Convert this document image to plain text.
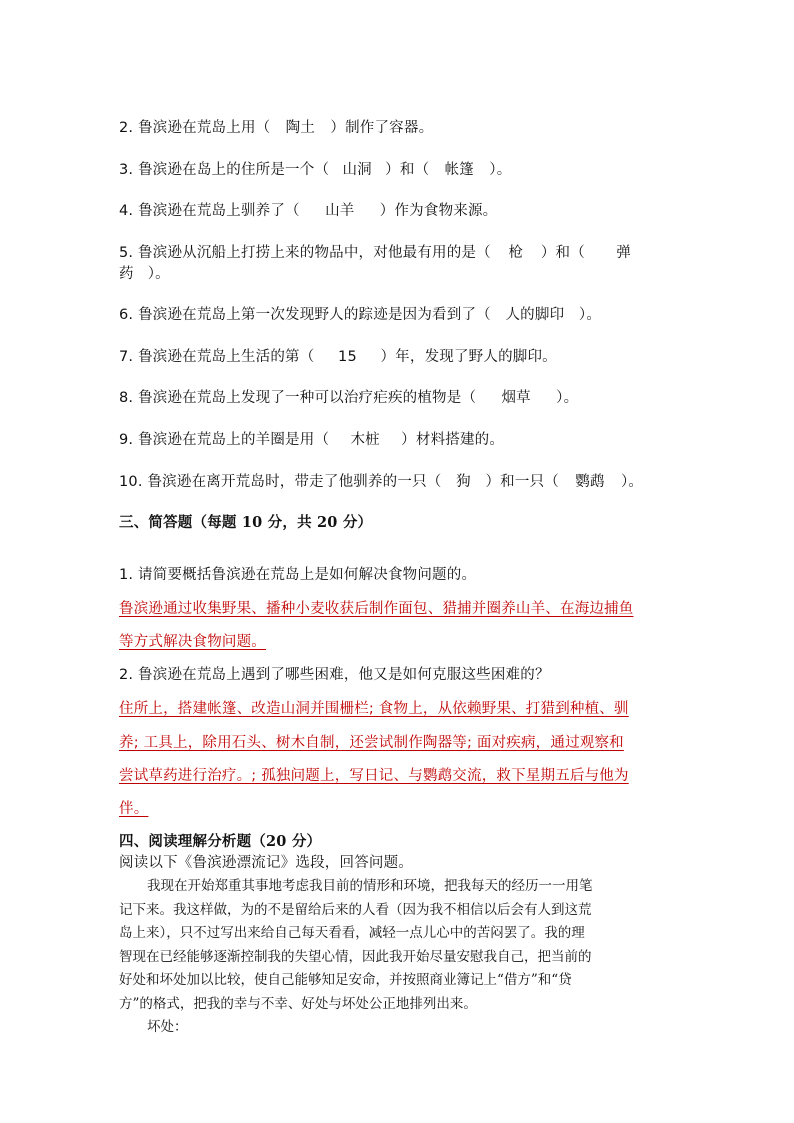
2. 鲁滨逊在荒岛上用（ 陶土 ）制作了容器。
3. 鲁滨逊在岛上的住所是一个（ 山洞 ）和（ 帐篷 ）。
4. 鲁滨逊在荒岛上驯养了（ 山羊 ）作为食物来源。
5. 鲁滨逊从沉船上打捞上来的物品中，对他最有用的是（ 枪 ）和（ 弹
药 ）。
6. 鲁滨逊在荒岛上第一次发现野人的踪迹是因为看到了（ 人的脚印 ）。
7. 鲁滨逊在荒岛上生活的第（ 15 ）年，发现了野人的脚印。
8. 鲁滨逊在荒岛上发现了一种可以治疗疟疾的植物是（ 烟草 ）。
9. 鲁滨逊在荒岛上的羊圈是用（ 木桩 ）材料搭建的。
10. 鲁滨逊在离开荒岛时，带走了他驯养的一只（ 狗 ）和一只（ 鹦鹉 ）。
三、简答题（每题 10 分，共 20 分）
1. 请简要概括鲁滨逊在荒岛上是如何解决食物问题的。
鲁滨逊通过收集野果、播种小麦收获后制作面包、猎捕并圈养山羊、在海边捕鱼
等方式解决食物问题。
2. 鲁滨逊在荒岛上遇到了哪些困难，他又是如何克服这些困难的？
住所上，搭建帐篷、改造山洞并围栅栏; 食物上，从依赖野果、打猎到种植、驯
养; 工具上，除用石头、树木自制，还尝试制作陶器等; 面对疾病，通过观察和
尝试草药进行治疗。; 孤独问题上，写日记、与鹦鹉交流，救下星期五后与他为
伴。
四、阅读理解分析题（20 分）
阅读以下《鲁滨逊漂流记》选段，回答问题。
我现在开始郑重其事地考虑我目前的情形和环境，把我每天的经历一一用笔
记下来。我这样做，为的不是留给后来的人看（因为我不相信以后会有人到这荒
岛上来），只不过写出来给自己每天看看，减轻一点儿心中的苦闷罢了。我的理
智现在已经能够逐渐控制我的失望心情，因此我开始尽量安慰我自己，把当前的
好处和坏处加以比较，使自己能够知足安命，并按照商业簿记上“借方”和“贷
方”的格式，把我的幸与不幸、好处与坏处公正地排列出来。
坏处：
